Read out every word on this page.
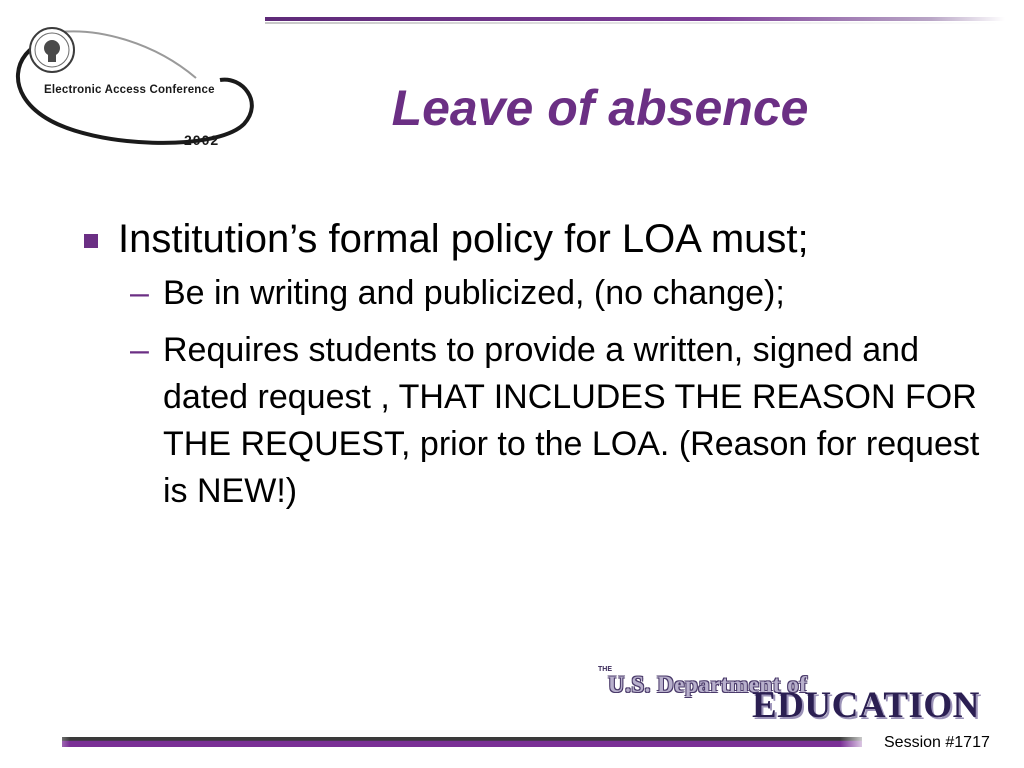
Electronic Access Conference
2002
Leave of absence
Institution’s formal policy for LOA must;
– Be in writing and publicized, (no change);
– Requires students to provide a written, signed and dated request , THAT INCLUDES THE REASON FOR THE REQUEST, prior to the LOA. (Reason for request is NEW!)
THE
U.S. Department of
EDUCATION
Session #1717
